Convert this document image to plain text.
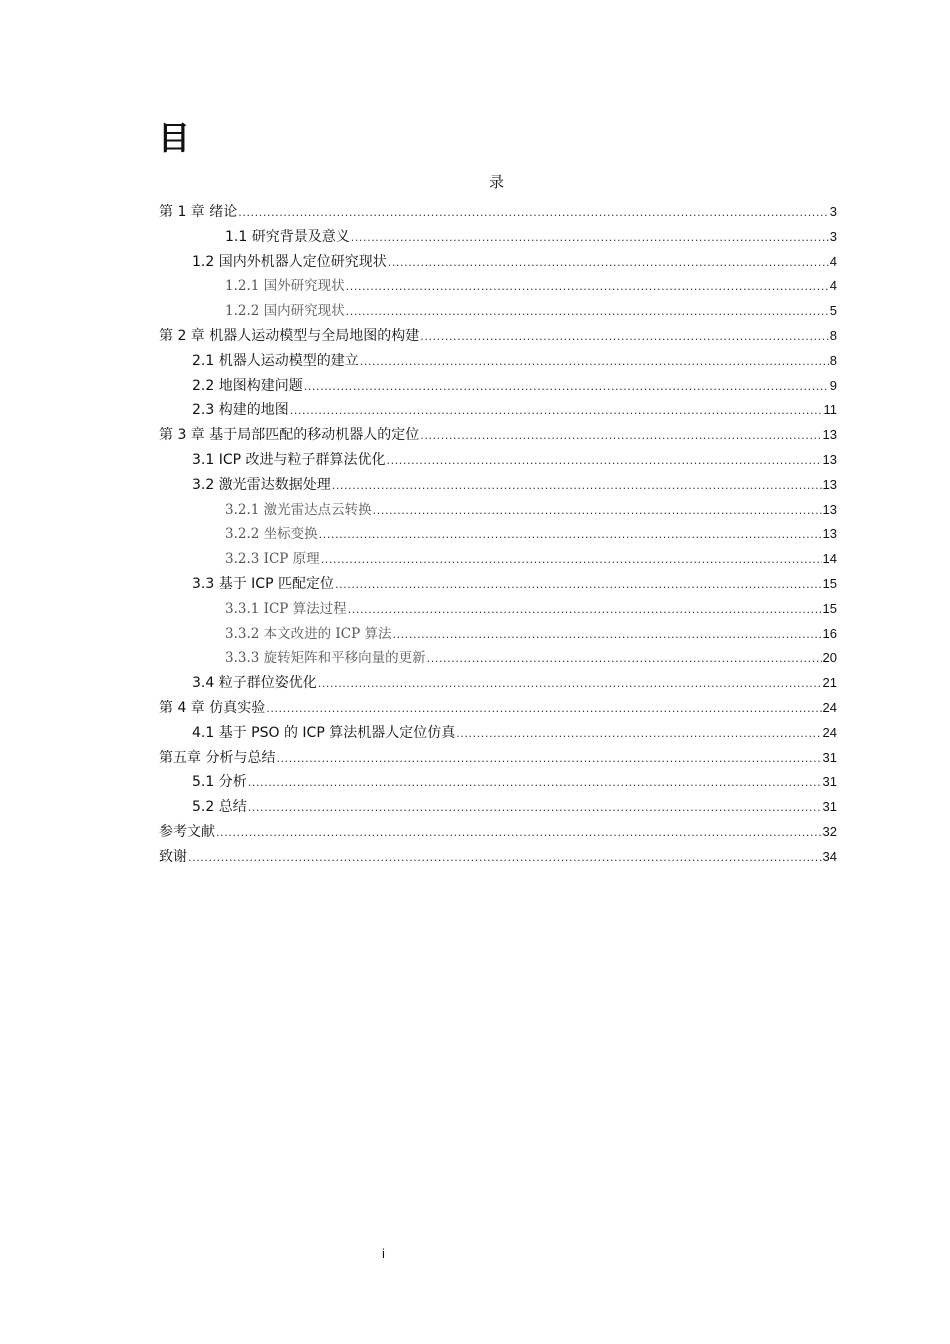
目
录
第 1 章 绪论 .....	3
1.1 研究背景及意义 .....	3
1.2 国内外机器人定位研究现状 .....	4
1.2.1 国外研究现状 .....	4
1.2.2 国内研究现状 .....	5
第 2 章 机器人运动模型与全局地图的构建 .....	8
2.1 机器人运动模型的建立 .....	8
2.2 地图构建问题 .....	9
2.3 构建的地图 .....	11
第 3 章 基于局部匹配的移动机器人的定位 .....	13
3.1 ICP 改进与粒子群算法优化 .....	13
3.2 激光雷达数据处理 .....	13
3.2.1 激光雷达点云转换 .....	13
3.2.2 坐标变换 .....	13
3.2.3 ICP 原理 .....	14
3.3 基于 ICP 匹配定位 .....	15
3.3.1 ICP 算法过程 .....	15
3.3.2 本文改进的 ICP 算法 .....	16
3.3.3 旋转矩阵和平移向量的更新 .....	20
3.4 粒子群位姿优化 .....	21
第 4 章 仿真实验 .....	24
4.1 基于 PSO 的 ICP 算法机器人定位仿真 .....	24
第五章 分析与总结 .....	31
5.1 分析 .....	31
5.2 总结 .....	31
参考文献 .....	32
致谢 .....	34
i
